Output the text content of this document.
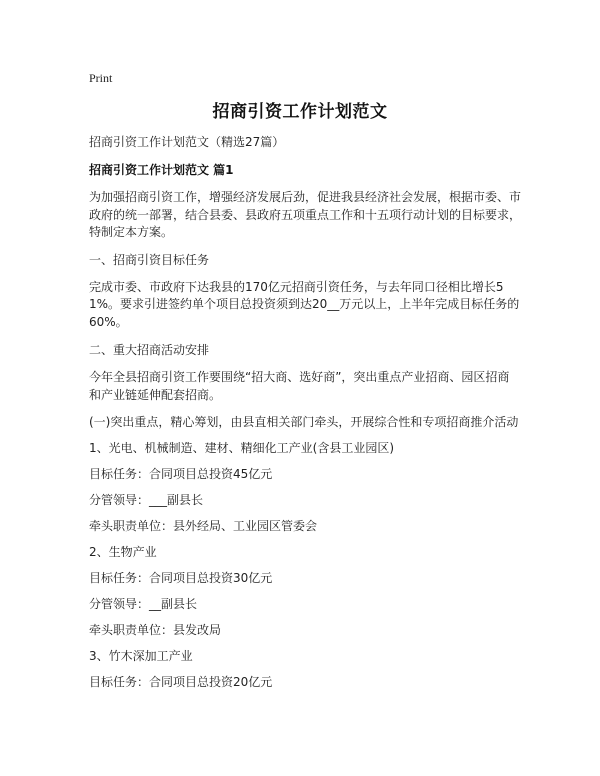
Print
招商引资工作计划范文

招商引资工作计划范文（精选27篇）

招商引资工作计划范文 篇1

为加强招商引资工作，增强经济发展后劲，促进我县经济社会发展，根据市委、市政府的统一部署，结合县委、县政府五项重点工作和十五项行动计划的目标要求，特制定本方案。

一、招商引资目标任务

完成市委、市政府下达我县的170亿元招商引资任务，与去年同口径相比增长51%。要求引进签约单个项目总投资须到达20__万元以上，上半年完成目标任务的60%。

二、重大招商活动安排

今年全县招商引资工作要围绕“招大商、选好商”，突出重点产业招商、园区招商和产业链延伸配套招商。

(一)突出重点，精心筹划，由县直相关部门牵头，开展综合性和专项招商推介活动

1、光电、机械制造、建材、精细化工产业(含县工业园区)

目标任务：合同项目总投资45亿元

分管领导：___副县长

牵头职责单位：县外经局、工业园区管委会

2、生物产业

目标任务：合同项目总投资30亿元

分管领导：__副县长

牵头职责单位：县发改局

3、竹木深加工产业

目标任务：合同项目总投资20亿元
